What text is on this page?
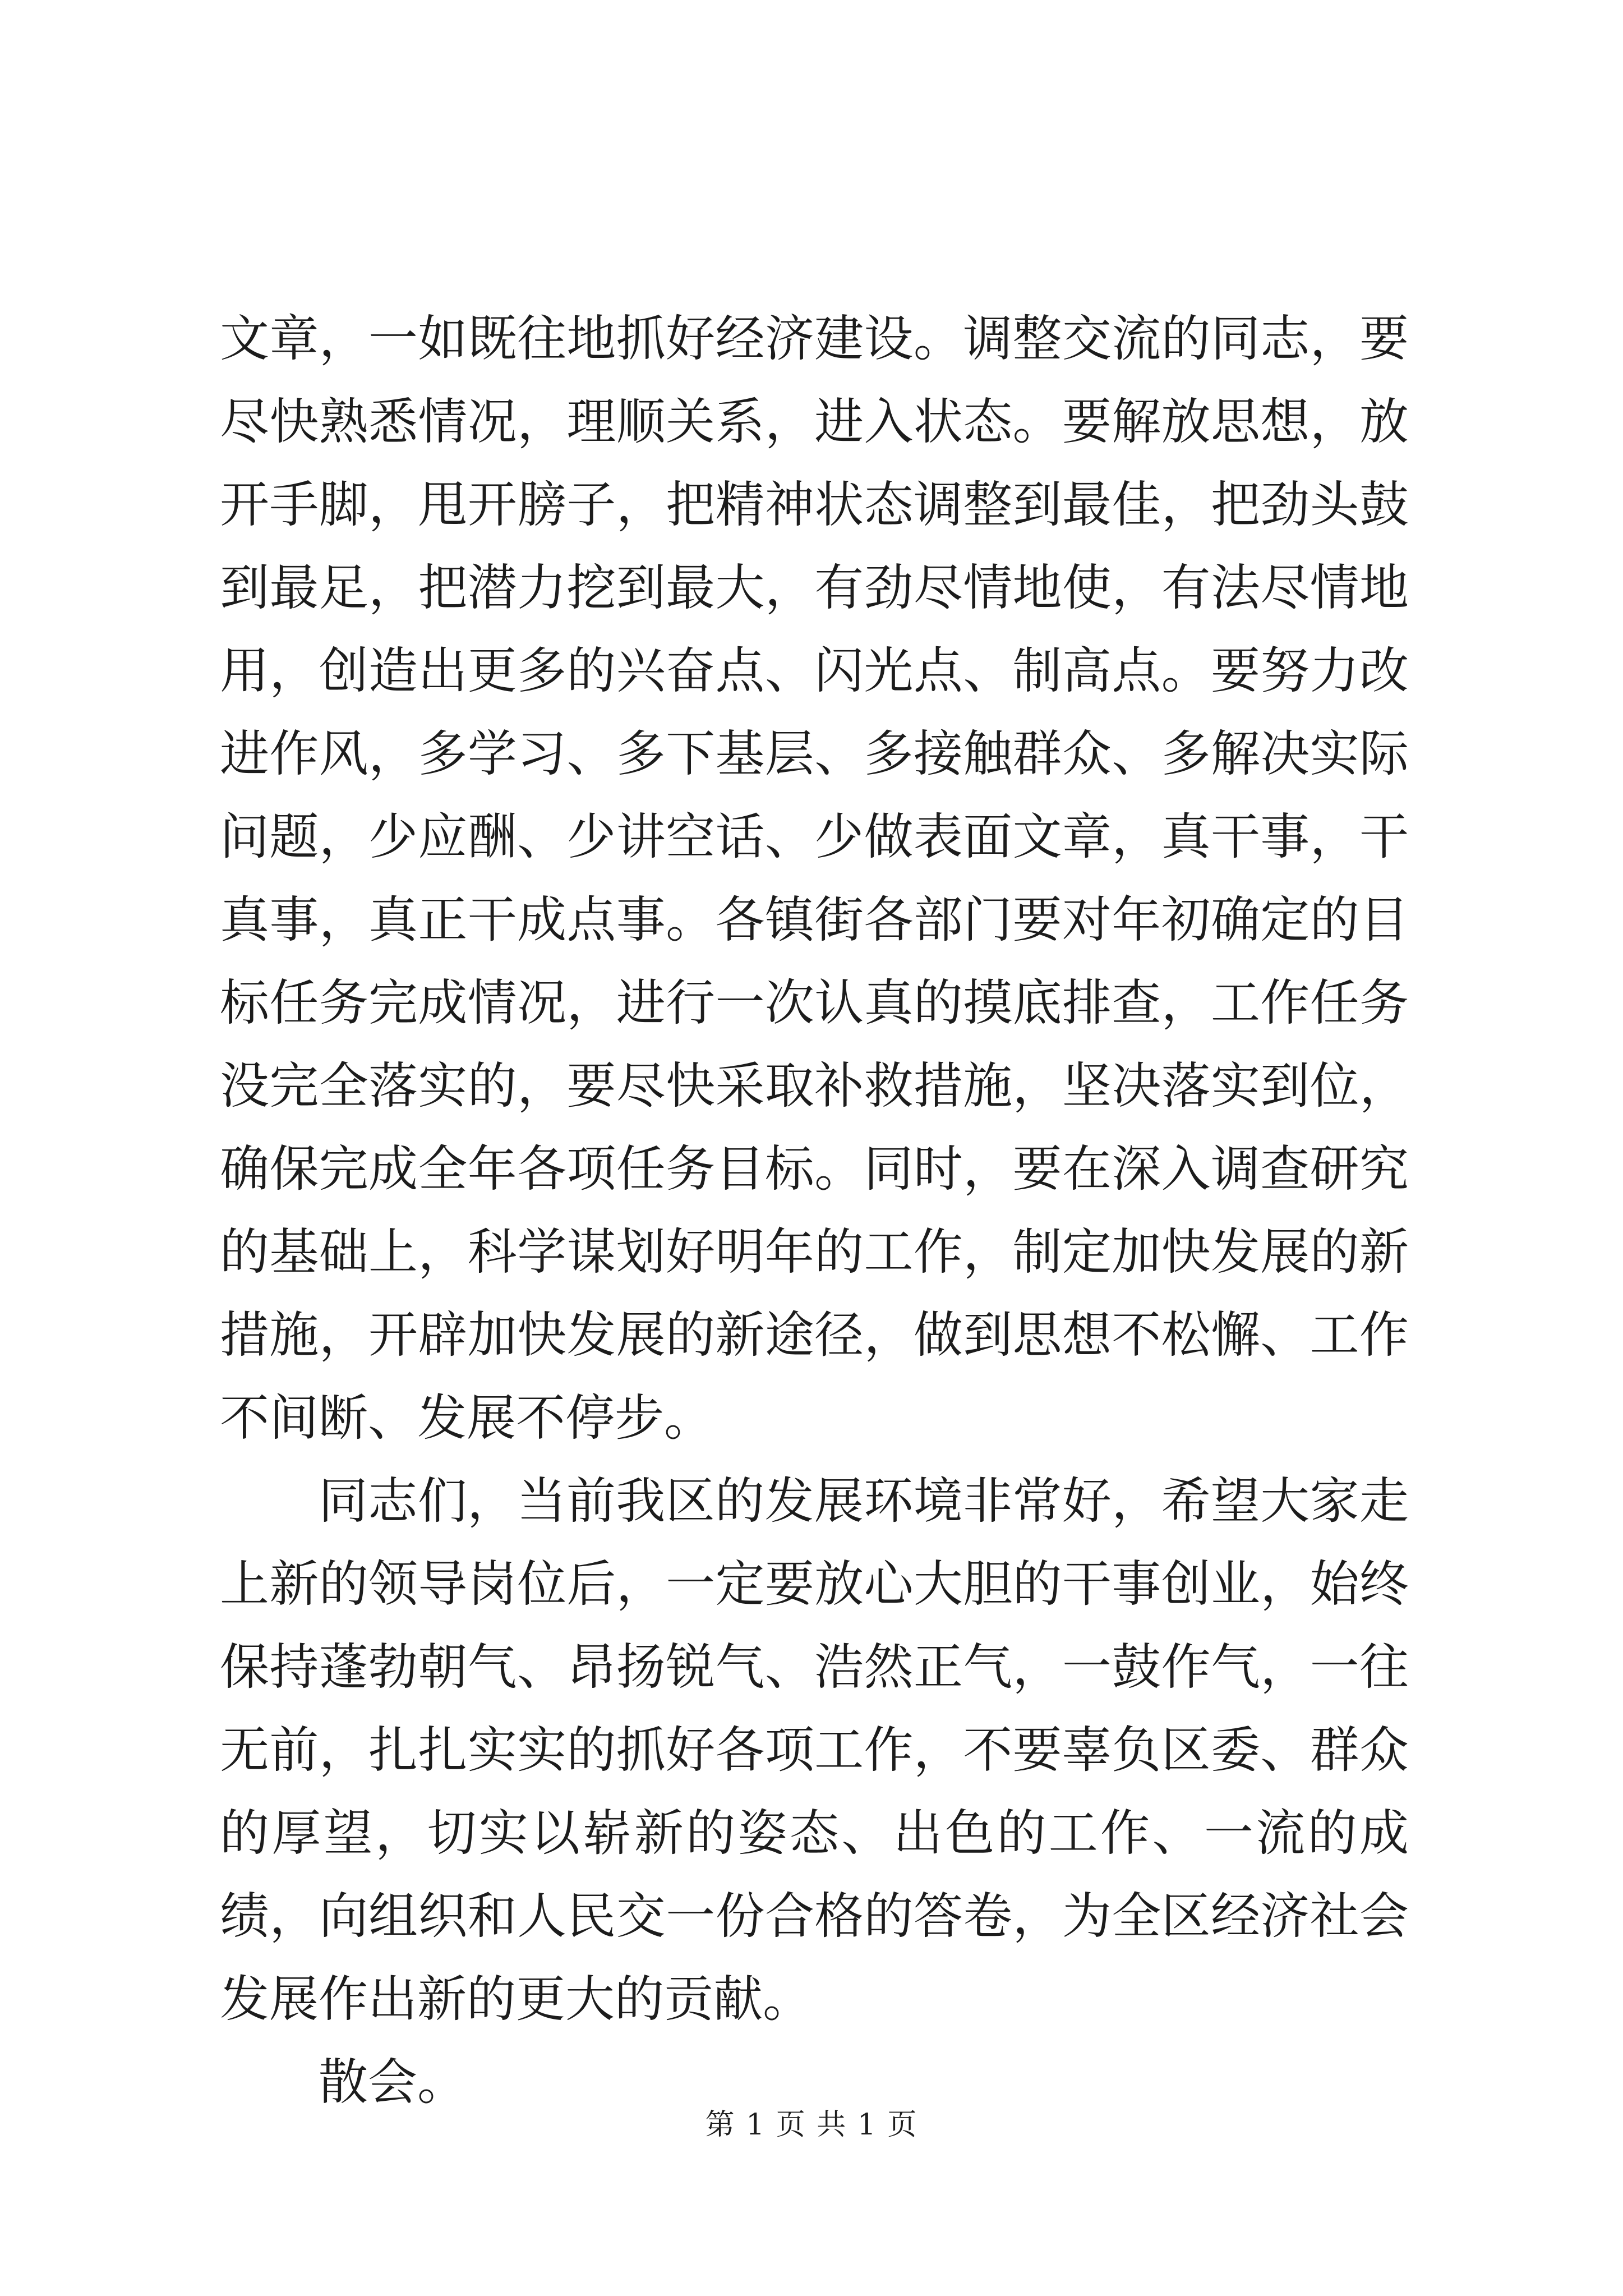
文章，一如既往地抓好经济建设。调整交流的同志，要尽快熟悉情况，理顺关系，进入状态。要解放思想，放开手脚，甩开膀子，把精神状态调整到最佳，把劲头鼓到最足，把潜力挖到最大，有劲尽情地使，有法尽情地用，创造出更多的兴奋点、闪光点、制高点。要努力改进作风，多学习、多下基层、多接触群众、多解决实际问题，少应酬、少讲空话、少做表面文章，真干事，干真事，真正干成点事。各镇街各部门要对年初确定的目标任务完成情况，进行一次认真的摸底排查，工作任务没完全落实的，要尽快采取补救措施，坚决落实到位，确保完成全年各项任务目标。同时，要在深入调查研究的基础上，科学谋划好明年的工作，制定加快发展的新措施，开辟加快发展的新途径，做到思想不松懈、工作不间断、发展不停步。

同志们，当前我区的发展环境非常好，希望大家走上新的领导岗位后，一定要放心大胆的干事创业，始终保持蓬勃朝气、昂扬锐气、浩然正气，一鼓作气，一往无前，扎扎实实的抓好各项工作，不要辜负区委、群众的厚望，切实以崭新的姿态、出色的工作、一流的成绩，向组织和人民交一份合格的答卷，为全区经济社会发展作出新的更大的贡献。

散会。

第 1 页 共 1 页
